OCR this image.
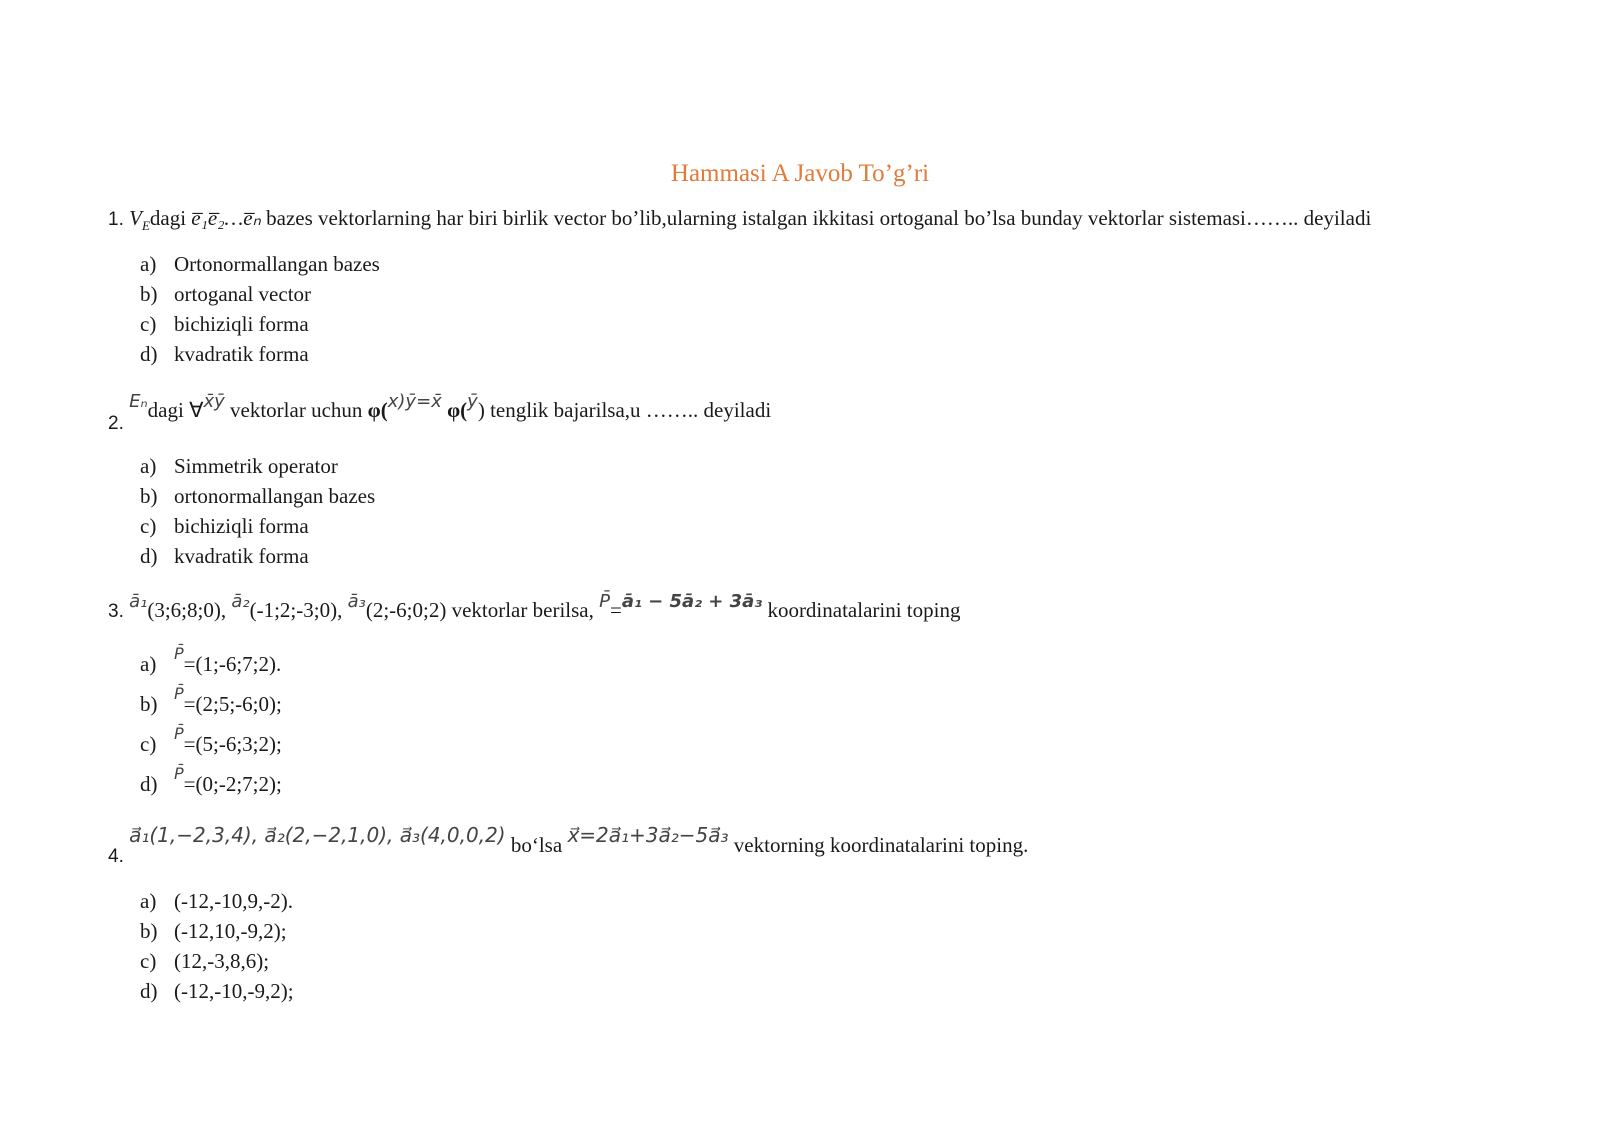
Hammasi A Javob To’g’ri
1. $V_Edagi$ e̅₁e̅₂…e̅ₙ bazes vektorlarning har biri birlik vector bo’lib,ularning istalgan ikkitasi ortoganal bo’lsa bunday vektorlar sistemasi…….. deyiladi
a) Ortonormallangan bazes
b) ortoganal vector
c) bichiziqli forma
d) kvadratik forma
2. Eₙdagi ∀x̄ȳ vektorlar uchun φ(x)ȳ=x̄ φ(ȳ) tenglik bajarilsa,u …….. deyiladi
a) Simmetrik operator
b) ortonormallangan bazes
c) bichiziqli forma
d) kvadratik forma
3. ā₁(3;6;8;0), ā₂(-1;2;-3;0), ā₃(2;-6;0;2) vektorlar berilsa, P̄=ā₁ − 5ā₂ + 3ā₃ koordinatalarini toping
a) $^{P̄}$=(1;-6;7;2).
b) $^{P̄}$=(2;5;-6;0);
c) $^{P̄}$=(5;-6;3;2);
d) $^{P̄}$=(0;-2;7;2);
4. a⃗₁(1,−2,3,4), a⃗₂(2,−2,1,0), a⃗₃(4,0,0,2) bo‘lsa x⃗=2a⃗₁+3a⃗₂−5a⃗₃ vektorning koordinatalarini toping.
a) (-12,-10,9,-2).
b) (-12,10,-9,2);
c) (12,-3,8,6);
d) (-12,-10,-9,2);
